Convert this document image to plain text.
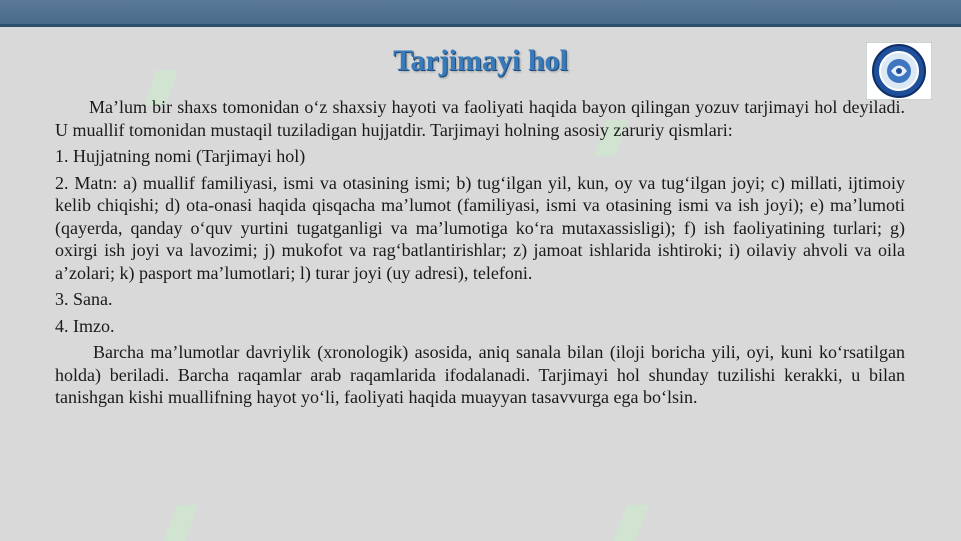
Tarjimayi hol

Ma’lum bir shaxs tomonidan o‘z shaxsiy hayoti va faoliyati haqida bayon qilingan yozuv tarjimayi hol deyiladi. U muallif tomonidan mustaqil tuziladigan hujjatdir. Tarjimayi holning asosiy zaruriy qismlari:

1. Hujjatning nomi (Tarjimayi hol)

2. Matn: a) muallif familiyasi, ismi va otasining ismi; b) tug‘ilgan yil, kun, oy va tug‘ilgan joyi; c) millati, ijtimoiy kelib chiqishi; d) ota-onasi haqida qisqacha ma’lumot (familiyasi, ismi va otasining ismi va ish joyi); e) ma’lumoti (qayerda, qanday o‘quv yurtini tugatganligi va ma’lumotiga ko‘ra mutaxassisligi); f) ish faoliyatining turlari; g) oxirgi ish joyi va lavozimi; j) mukofot va rag‘batlantirishlar; z) jamoat ishlarida ishtiroki; i) oilaviy ahvoli va oila a’zolari; k) pasport ma’lumotlari; l) turar joyi (uy adresi), telefoni.

3. Sana.

4. Imzo.

Barcha ma’lumotlar davriylik (xronologik) asosida, aniq sanala bilan (iloji boricha yili, oyi, kuni ko‘rsatilgan holda) beriladi. Barcha raqamlar arab raqamlarida ifodalanadi. Tarjimayi hol shunday tuzilishi kerakki, u bilan tanishgan kishi muallifning hayot yo‘li, faoliyati haqida muayyan tasavvurga ega bo‘lsin.
